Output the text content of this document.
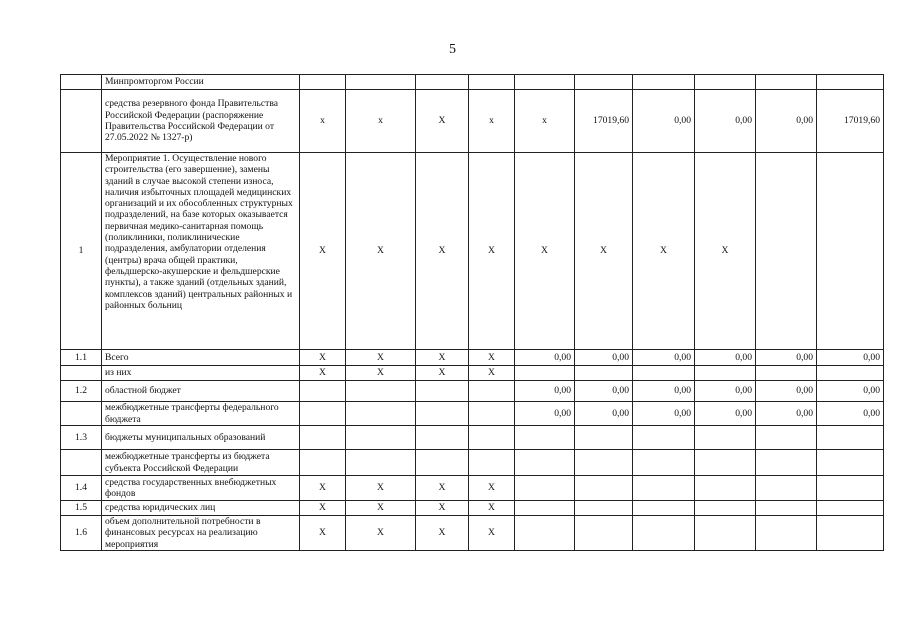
5
	Минпромторгом России										
	средства резервного фонда Правительства Российской Федерации (распоряжение Правительства Российской Федерации от 27.05.2022 № 1327-р)	x	x	X	x	x	17019,60	0,00	0,00	0,00	17019,60
1	Мероприятие 1. Осуществление нового строительства (его завершение), замены зданий в случае высокой степени износа, наличия избыточных площадей медицинских организаций и их обособленных структурных подразделений, на базе которых оказывается первичная медико-санитарная помощь (поликлиники, поликлинические подразделения, амбулатории отделения (центры) врача общей практики, фельдшерско-акушерские и фельдшерские пункты), а также зданий (отдельных зданий, комплексов зданий) центральных районных и районных больниц	X	X	X	X	X	X	X	X		
1.1	Всего	X	X	X	X	0,00	0,00	0,00	0,00	0,00	0,00
	из них	X	X	X	X						
1.2	областной бюджет					0,00	0,00	0,00	0,00	0,00	0,00
	межбюджетные трансферты федерального бюджета					0,00	0,00	0,00	0,00	0,00	0,00
1.3	бюджеты муниципальных образований										
	межбюджетные трансферты из бюджета субъекта Российской Федерации										
1.4	средства государственных внебюджетных фондов	X	X	X	X						
1.5	средства юридических лиц	X	X	X	X						
1.6	объем дополнительной потребности в финансовых ресурсах на реализацию мероприятия	X	X	X	X						
